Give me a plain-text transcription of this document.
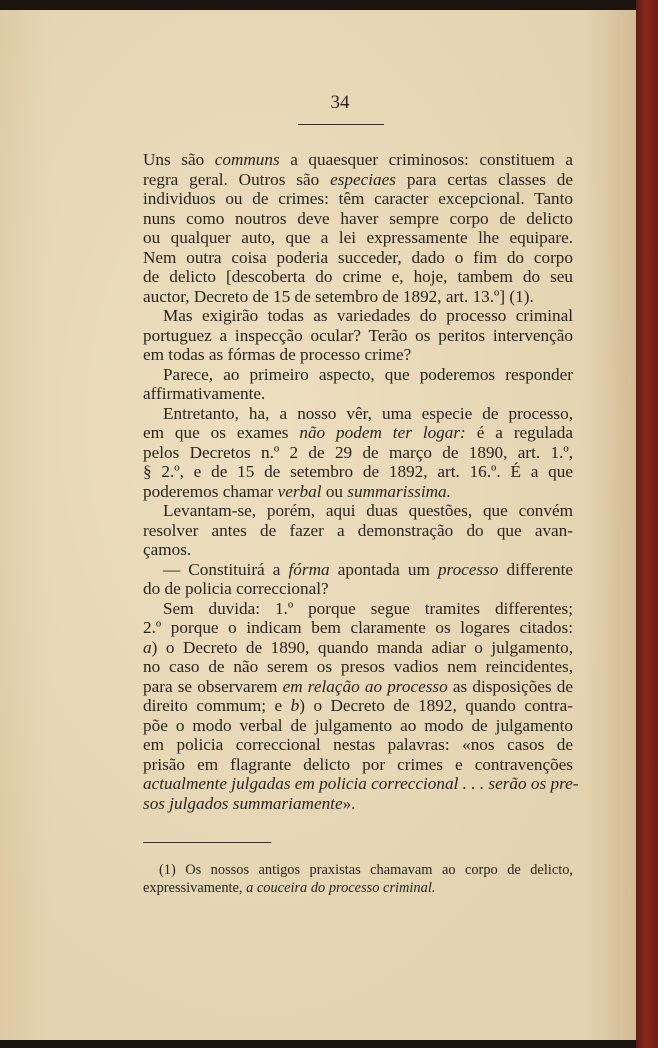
34
Uns são communs a quaesquer criminosos: constituem a
regra geral. Outros são especiaes para certas classes de
individuos ou de crimes: têm caracter excepcional. Tanto
nuns como noutros deve haver sempre corpo de delicto
ou qualquer auto, que a lei expressamente lhe equipare.
Nem outra coisa poderia succeder, dado o fim do corpo
de delicto [descoberta do crime e, hoje, tambem do seu
auctor, Decreto de 15 de setembro de 1892, art. 13.º] (1).
Mas exigirão todas as variedades do processo criminal
portuguez a inspecção ocular? Terão os peritos intervenção
em todas as fórmas de processo crime?
Parece, ao primeiro aspecto, que poderemos responder
affirmativamente.
Entretanto, ha, a nosso vêr, uma especie de processo,
em que os exames não podem ter logar: é a regulada
pelos Decretos n.º 2 de 29 de março de 1890, art. 1.º,
§ 2.º, e de 15 de setembro de 1892, art. 16.º. É a que
poderemos chamar verbal ou summarissima.
Levantam-se, porém, aqui duas questões, que convém
resolver antes de fazer a demonstração do que avan-
çamos.
— Constituirá a fórma apontada um processo differente
do de policia correccional?
Sem duvida: 1.º porque segue tramites differentes;
2.º porque o indicam bem claramente os logares citados:
a) o Decreto de 1890, quando manda adiar o julgamento,
no caso de não serem os presos vadios nem reincidentes,
para se observarem em relação ao processo as disposições de
direito commum; e b) o Decreto de 1892, quando contra-
põe o modo verbal de julgamento ao modo de julgamento
em policia correccional nestas palavras: «nos casos de
prisão em flagrante delicto por crimes e contravenções
actualmente julgadas em policia correccional . . . serão os pre-
sos julgados summariamente».
(1) Os nossos antigos praxistas chamavam ao corpo de delicto,
expressivamente, a couceira do processo criminal.
